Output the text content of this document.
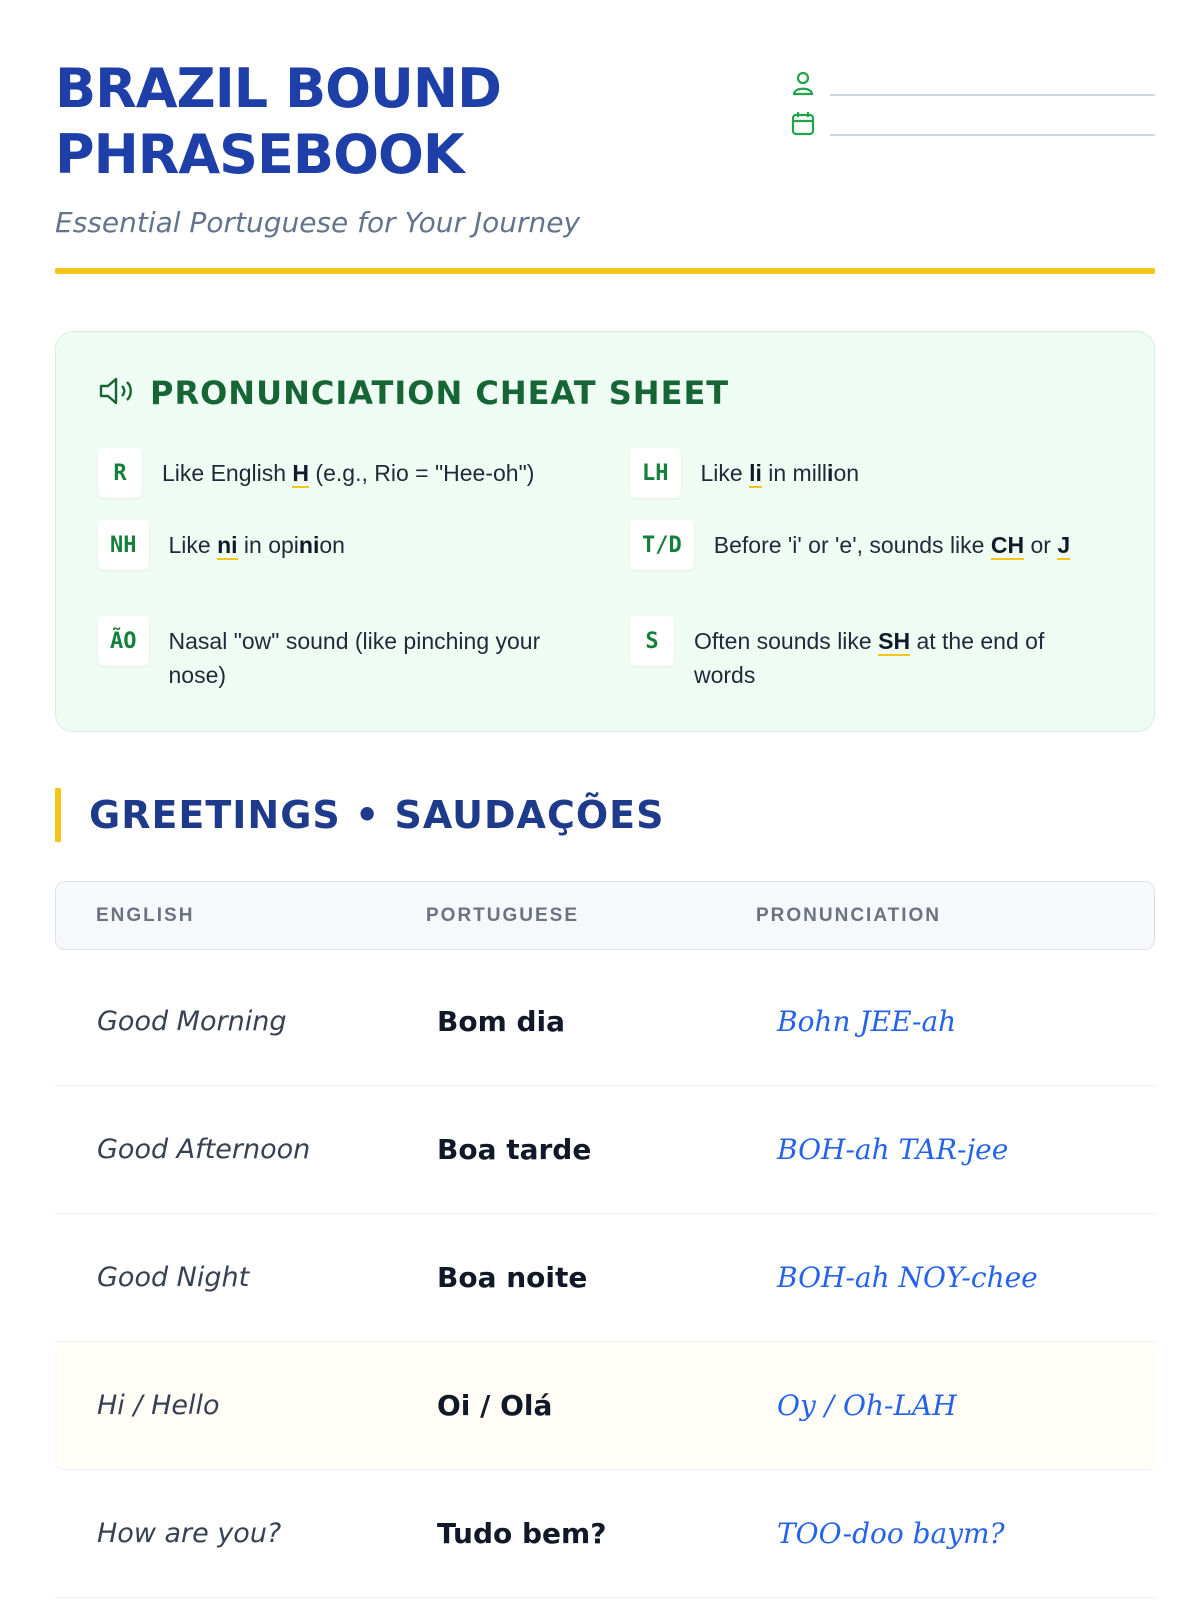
BRAZIL BOUND
PHRASEBOOK
Essential Portuguese for Your Journey
PRONUNCIATION CHEAT SHEET
R	Like English H (e.g., Rio = "Hee-oh")	LH	Like li in million
NH	Like ni in opinion	T/D	Before 'i' or 'e', sounds like CH or J
ÃO	Nasal "ow" sound (like pinching your nose)
S	Often sounds like SH at the end of words
GREETINGS • SAUDAÇÕES
ENGLISH	PORTUGUESE	PRONUNCIATION
Good Morning	Bom dia	Bohn JEE-ah
Good Afternoon	Boa tarde	BOH-ah TAR-jee
Good Night	Boa noite	BOH-ah NOY-chee
Hi / Hello	Oi / Olá	Oy / Oh-LAH
How are you?	Tudo bem?	TOO-doo baym?
